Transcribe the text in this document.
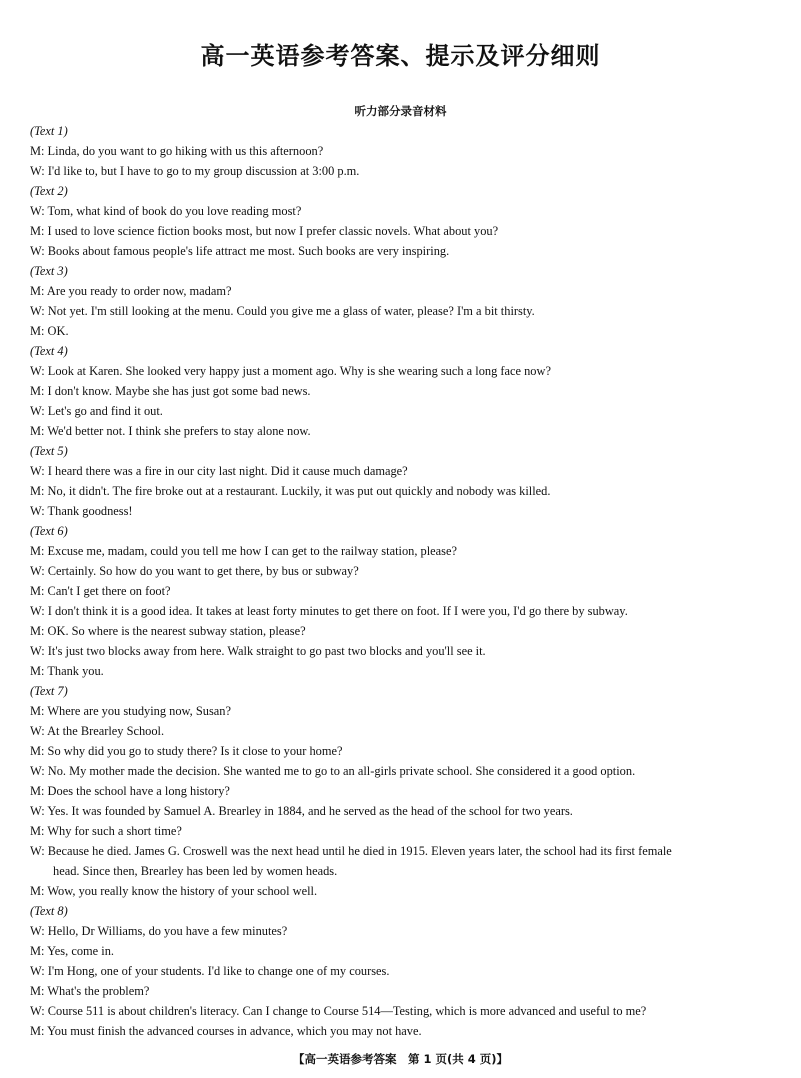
高一英语参考答案、提示及评分细则
听力部分录音材料
(Text 1)
M: Linda, do you want to go hiking with us this afternoon?
W: I'd like to, but I have to go to my group discussion at 3:00 p.m.
(Text 2)
W: Tom, what kind of book do you love reading most?
M: I used to love science fiction books most, but now I prefer classic novels. What about you?
W: Books about famous people's life attract me most. Such books are very inspiring.
(Text 3)
M: Are you ready to order now, madam?
W: Not yet. I'm still looking at the menu. Could you give me a glass of water, please? I'm a bit thirsty.
M: OK.
(Text 4)
W: Look at Karen. She looked very happy just a moment ago. Why is she wearing such a long face now?
M: I don't know. Maybe she has just got some bad news.
W: Let's go and find it out.
M: We'd better not. I think she prefers to stay alone now.
(Text 5)
W: I heard there was a fire in our city last night. Did it cause much damage?
M: No, it didn't. The fire broke out at a restaurant. Luckily, it was put out quickly and nobody was killed.
W: Thank goodness!
(Text 6)
M: Excuse me, madam, could you tell me how I can get to the railway station, please?
W: Certainly. So how do you want to get there, by bus or subway?
M: Can't I get there on foot?
W: I don't think it is a good idea. It takes at least forty minutes to get there on foot. If I were you, I'd go there by subway.
M: OK. So where is the nearest subway station, please?
W: It's just two blocks away from here. Walk straight to go past two blocks and you'll see it.
M: Thank you.
(Text 7)
M: Where are you studying now, Susan?
W: At the Brearley School.
M: So why did you go to study there? Is it close to your home?
W: No. My mother made the decision. She wanted me to go to an all-girls private school. She considered it a good option.
M: Does the school have a long history?
W: Yes. It was founded by Samuel A. Brearley in 1884, and he served as the head of the school for two years.
M: Why for such a short time?
W: Because he died. James G. Croswell was the next head until he died in 1915. Eleven years later, the school had its first female
head. Since then, Brearley has been led by women heads.
M: Wow, you really know the history of your school well.
(Text 8)
W: Hello, Dr Williams, do you have a few minutes?
M: Yes, come in.
W: I'm Hong, one of your students. I'd like to change one of my courses.
M: What's the problem?
W: Course 511 is about children's literacy. Can I change to Course 514—Testing, which is more advanced and useful to me?
M: You must finish the advanced courses in advance, which you may not have.
【高一英语参考答案　第 1 页(共 4 页)】
